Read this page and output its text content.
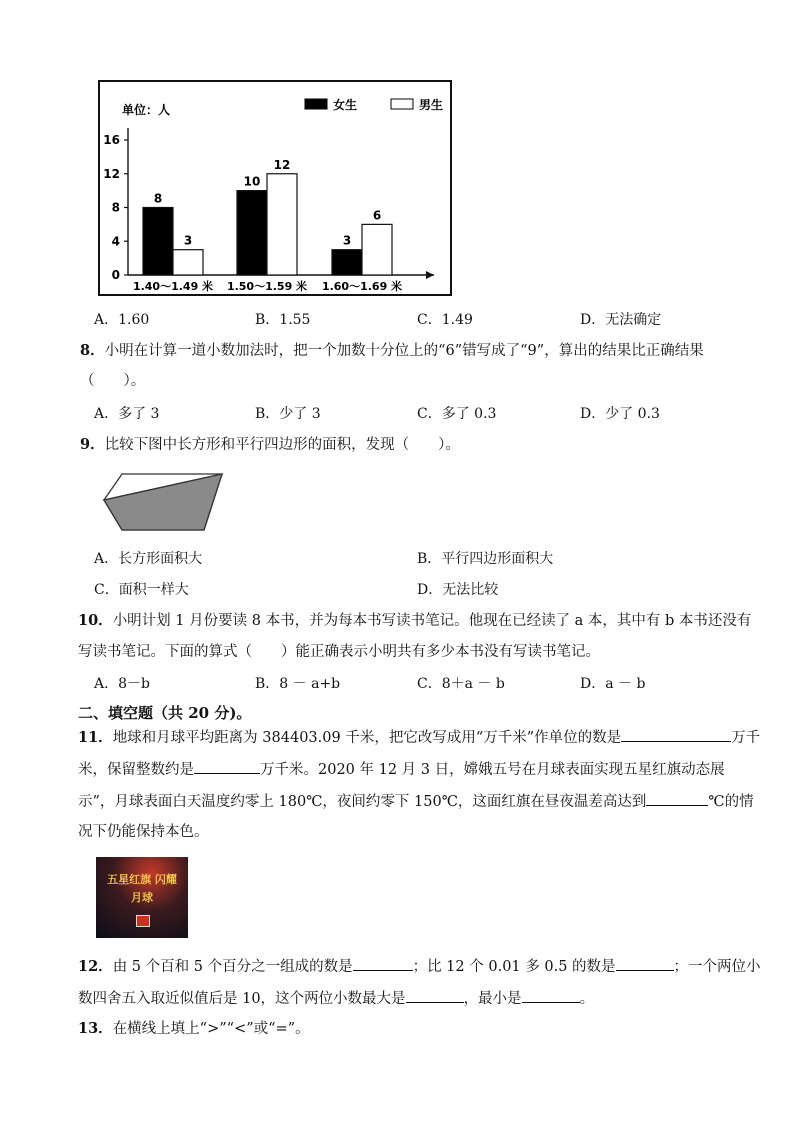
单位：人	女生	男生
0
4
8
12
16
8
3
1.40～1.49 米
10
12
1.50～1.59 米
3
6
1.60～1.69 米
A．1.60	B．1.55	C．1.49	D．无法确定
8．小明在计算一道小数加法时，把一个加数十分位上的“6”错写成了“9”，算出的结果比正确结果
（　　）。
A．多了 3	B．少了 3	C．多了 0.3	D．少了 0.3
9．比较下图中长方形和平行四边形的面积，发现（　　）。
A．长方形面积大	B．平行四边形面积大
C．面积一样大	D．无法比较
10．小明计划 1 月份要读 8 本书，并为每本书写读书笔记。他现在已经读了 a 本，其中有 b 本书还没有
写读书笔记。下面的算式（　　）能正确表示小明共有多少本书没有写读书笔记。
A．8－b	B．8 － a+b	C．8＋a － b	D．a － b
二、填空题（共 20 分)。
11．地球和月球平均距离为 384403.09 千米，把它改写成用“万千米”作单位的数是	万千
米，保留整数约是	万千米。2020 年 12 月 3 日，嫦娥五号在月球表面实现五星红旗动态展
示”，月球表面白天温度约零上 180℃，夜间约零下 150℃，这面红旗在昼夜温差高达到	℃的情
况下仍能保持本色。
五星红旗 闪耀月球
12．由 5 个百和 5 个百分之一组成的数是	；比 12 个 0.01 多 0.5 的数是	；一个两位小
数四舍五入取近似值后是 10，这个两位小数最大是	，最小是	。
13．在横线上填上“>”“<”或“=”。
